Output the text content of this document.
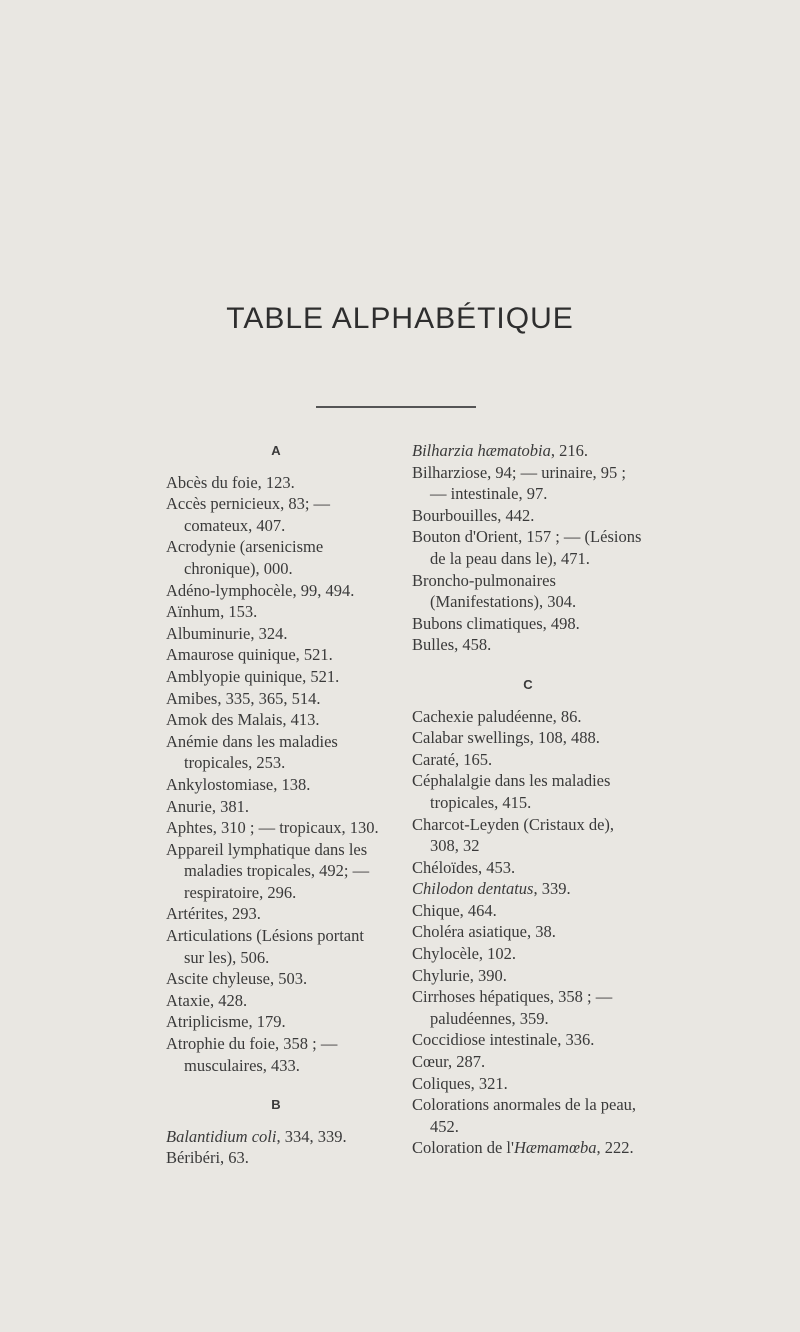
TABLE ALPHABÉTIQUE
A
Abcès du foie, 123.
Accès pernicieux, 83; — comateux, 407.
Acrodynie (arsenicisme chronique), 000.
Adéno-lymphocèle, 99, 494.
Aïnhum, 153.
Albuminurie, 324.
Amaurose quinique, 521.
Amblyopie quinique, 521.
Amibes, 335, 365, 514.
Amok des Malais, 413.
Anémie dans les maladies tropicales, 253.
Ankylostomiase, 138.
Anurie, 381.
Aphtes, 310 ; — tropicaux, 130.
Appareil lymphatique dans les maladies tropicales, 492; — respiratoire, 296.
Artérites, 293.
Articulations (Lésions portant sur les), 506.
Ascite chyleuse, 503.
Ataxie, 428.
Atriplicisme, 179.
Atrophie du foie, 358 ; — musculaires, 433.
B
Balantidium coli, 334, 339.
Béribéri, 63.
Bilharzia hæmatobia, 216.
Bilharziose, 94; — urinaire, 95 ; — intestinale, 97.
Bourbouilles, 442.
Bouton d'Orient, 157 ; — (Lésions de la peau dans le), 471.
Broncho-pulmonaires (Manifestations), 304.
Bubons climatiques, 498.
Bulles, 458.
C
Cachexie paludéenne, 86.
Calabar swellings, 108, 488.
Caraté, 165.
Céphalalgie dans les maladies tropicales, 415.
Charcot-Leyden (Cristaux de), 308, 32
Chéloïdes, 453.
Chilodon dentatus, 339.
Chique, 464.
Choléra asiatique, 38.
Chylocèle, 102.
Chylurie, 390.
Cirrhoses hépatiques, 358 ; — paludéennes, 359.
Coccidiose intestinale, 336.
Cœur, 287.
Coliques, 321.
Colorations anormales de la peau, 452.
Coloration de l'Hæmamœba, 222.
